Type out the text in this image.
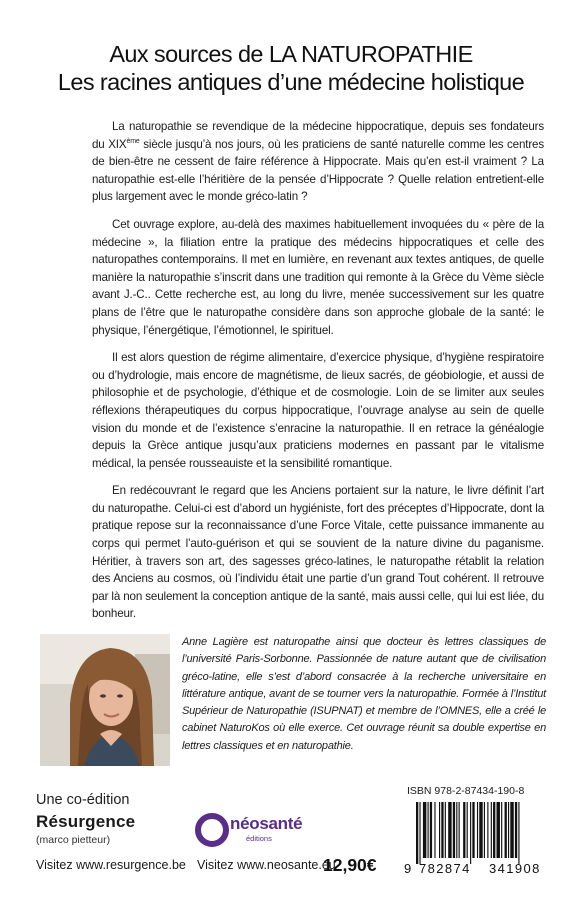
Aux sources de LA NATUROPATHIE
Les racines antiques d’une médecine holistique

La naturopathie se revendique de la médecine hippocratique, depuis ses fondateurs du XIXème siècle jusqu’à nos jours, où les praticiens de santé naturelle comme les centres de bien-être ne cessent de faire référence à Hippocrate. Mais qu’en est-il vraiment ? La naturopathie est-elle l’héritière de la pensée d’Hippocrate ? Quelle relation entretient-elle plus largement avec le monde gréco-latin ?

Cet ouvrage explore, au-delà des maximes habituellement invoquées du « père de la médecine », la filiation entre la pratique des médecins hippocratiques et celle des naturopathes contemporains. Il met en lumière, en revenant aux textes antiques, de quelle manière la naturopathie s’inscrit dans une tradition qui remonte à la Grèce du Vème siècle avant J.-C.. Cette recherche est, au long du livre, menée successivement sur les quatre plans de l’être que le naturopathe considère dans son approche globale de la santé: le physique, l’énergétique, l’émotionnel, le spirituel.

Il est alors question de régime alimentaire, d’exercice physique, d’hygiène respiratoire ou d’hydrologie, mais encore de magnétisme, de lieux sacrés, de géobiologie, et aussi de philosophie et de psychologie, d’éthique et de cosmologie. Loin de se limiter aux seules réflexions thérapeutiques du corpus hippocratique, l’ouvrage analyse au sein de quelle vision du monde et de l’existence s’enracine la naturopathie. Il en retrace la généalogie depuis la Grèce antique jusqu’aux praticiens modernes en passant par le vitalisme médical, la pensée rousseauiste et la sensibilité romantique.

En redécouvrant le regard que les Anciens portaient sur la nature, le livre définit l’art du naturopathe. Celui-ci est d’abord un hygiéniste, fort des préceptes d’Hippocrate, dont la pratique repose sur la reconnaissance d’une Force Vitale, cette puissance immanente au corps qui permet l’auto-guérison et qui se souvient de la nature divine du paganisme. Héritier, à travers son art, des sagesses gréco-latines, le naturopathe rétablit la relation des Anciens au cosmos, où l’individu était une partie d’un grand Tout cohérent. Il retrouve par là non seulement la conception antique de la santé, mais aussi celle, qui lui est liée, du bonheur.

Anne Lagière est naturopathe ainsi que docteur ès lettres classiques de l’université Paris-Sorbonne. Passionnée de nature autant que de civilisation gréco-latine, elle s’est d’abord consacrée à la recherche universitaire en littérature antique, avant de se tourner vers la naturopathie. Formée à l’Institut Supérieur de Naturopathie (ISUPNAT) et membre de l’OMNES, elle a créé le cabinet NaturoKos où elle exerce. Cet ouvrage réunit sa double expertise en lettres classiques et en naturopathie.
Une co-édition
Résurgence
(marco pietteur)
Visitez www.resurgence.be
néosanté
éditions
Visitez www.neosante.eu
12,90€
ISBN 978-2-87434-190-8
9 782874 341908
